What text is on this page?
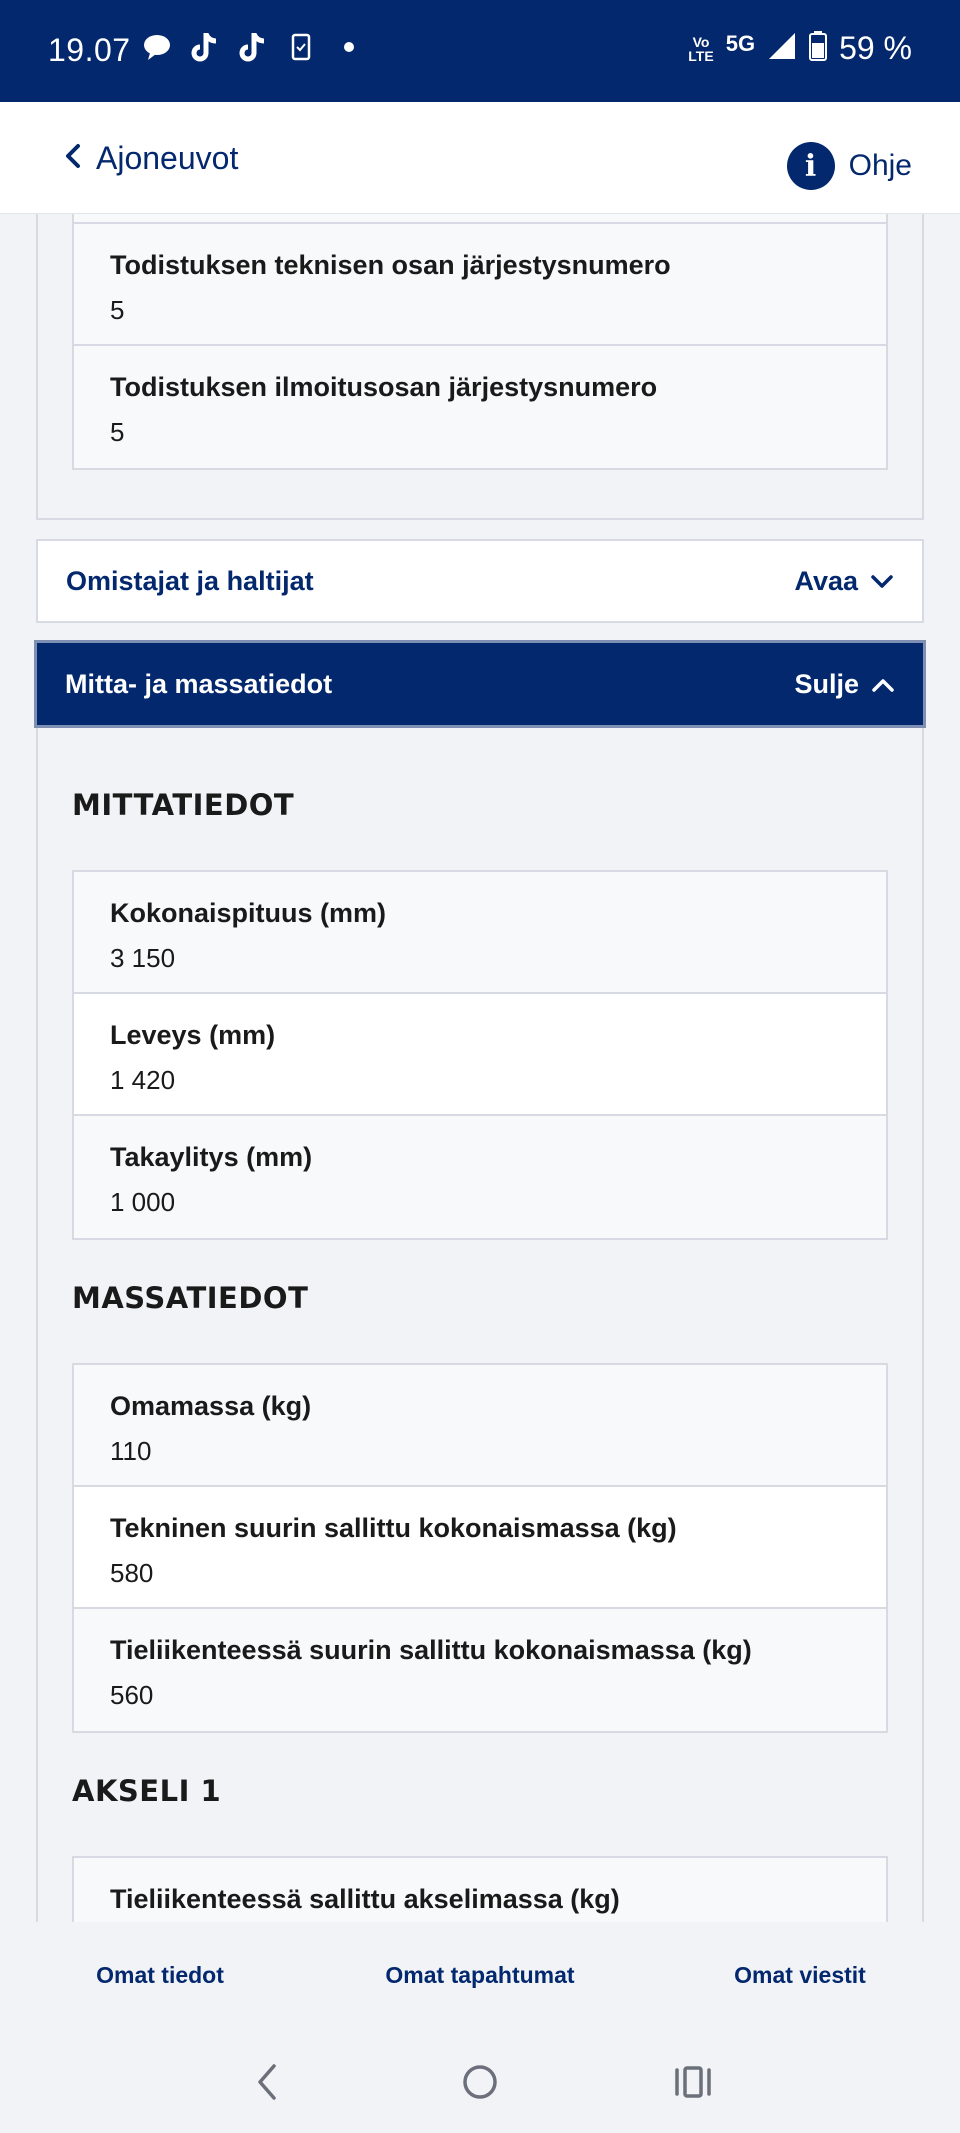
19.07	Vo
LTE 5G	59 %
Ajoneuvot	i	Ohje
Todistuksen teknisen osan järjestysnumero
5
Todistuksen ilmoitusosan järjestysnumero
5
Omistajat ja haltijat	Avaa
Mitta- ja massatiedot	Sulje
MITTATIEDOT
Kokonaispituus (mm)
3 150
Leveys (mm)
1 420
Takaylitys (mm)
1 000
MASSATIEDOT
Omamassa (kg)
110
Tekninen suurin sallittu kokonaismassa (kg)
580
Tieliikenteessä suurin sallittu kokonaismassa (kg)
560
AKSELI 1
Tieliikenteessä sallittu akselimassa (kg)
Omat tiedot	Omat tapahtumat	Omat viestit
